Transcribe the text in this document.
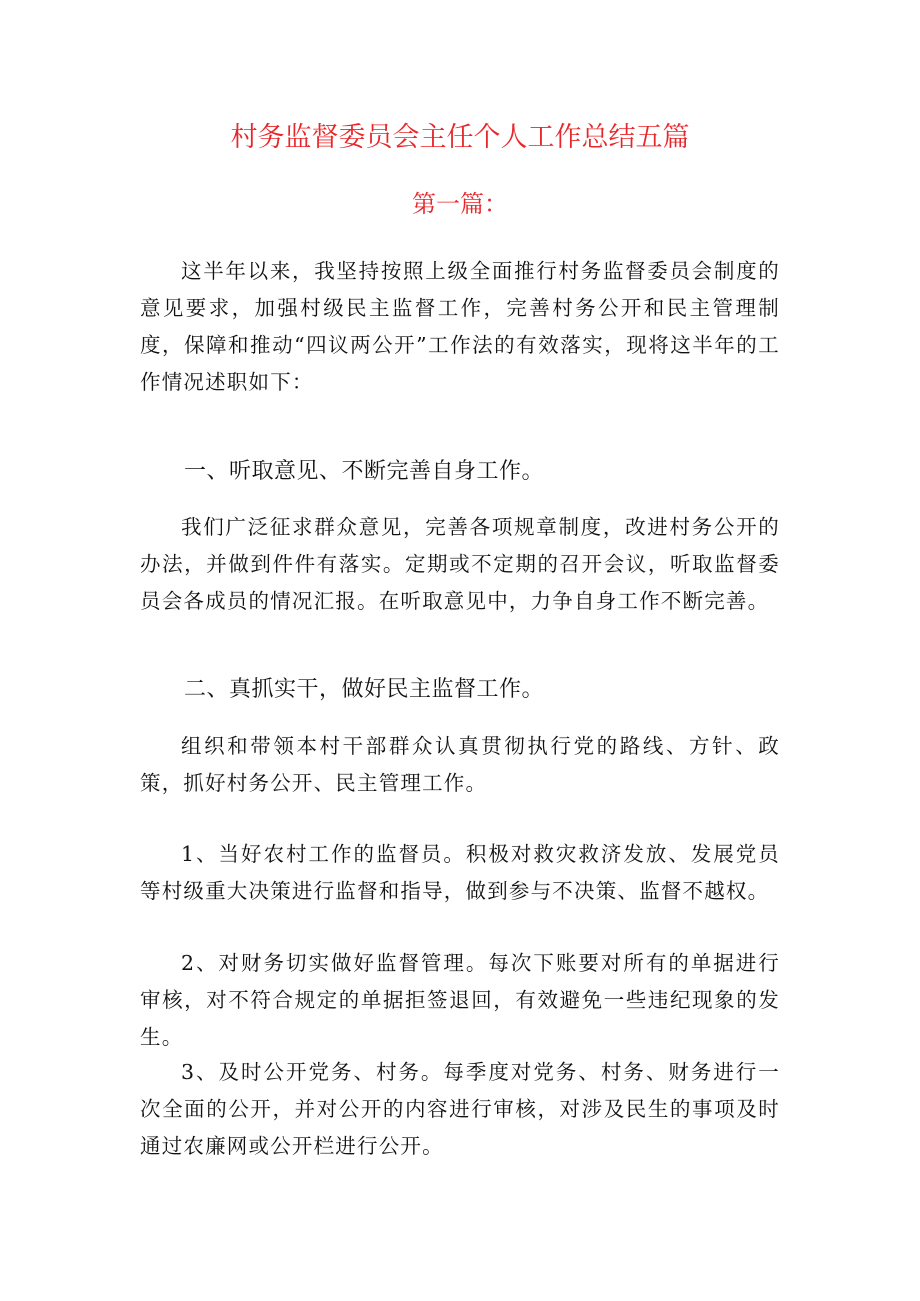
村务监督委员会主任个人工作总结五篇
第一篇：

这半年以来，我坚持按照上级全面推行村务监督委员会制度的意见要求，加强村级民主监督工作，完善村务公开和民主管理制度，保障和推动“四议两公开”工作法的有效落实，现将这半年的工作情况述职如下：

一、听取意见、不断完善自身工作。

我们广泛征求群众意见，完善各项规章制度，改进村务公开的办法，并做到件件有落实。定期或不定期的召开会议，听取监督委员会各成员的情况汇报。在听取意见中，力争自身工作不断完善。

二、真抓实干，做好民主监督工作。

组织和带领本村干部群众认真贯彻执行党的路线、方针、政策，抓好村务公开、民主管理工作。

1、当好农村工作的监督员。积极对救灾救济发放、发展党员等村级重大决策进行监督和指导，做到参与不决策、监督不越权。

2、对财务切实做好监督管理。每次下账要对所有的单据进行审核，对不符合规定的单据拒签退回，有效避免一些违纪现象的发生。

3、及时公开党务、村务。每季度对党务、村务、财务进行一次全面的公开，并对公开的内容进行审核，对涉及民生的事项及时通过农廉网或公开栏进行公开。
